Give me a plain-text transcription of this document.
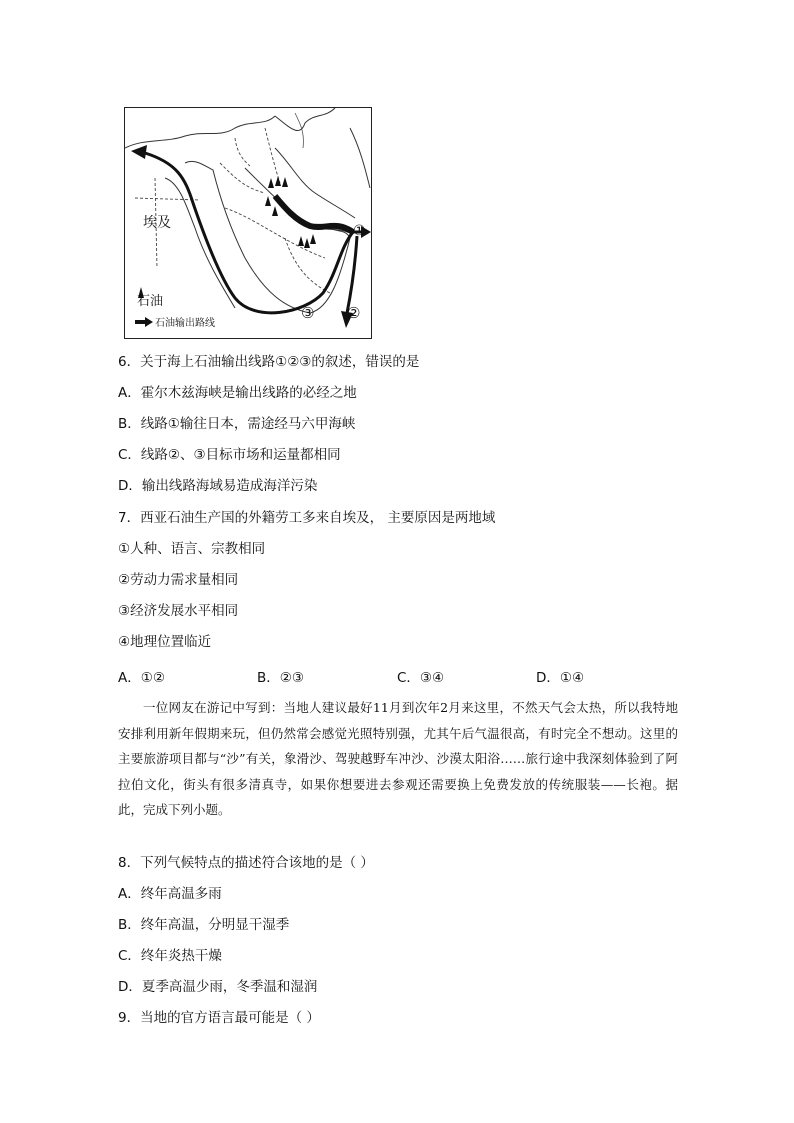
埃及
石油
石油输出路线
①
②
③
6．关于海上石油输出线路①②③的叙述，错误的是
A．霍尔木兹海峡是输出线路的必经之地
B．线路①输往日本，需途经马六甲海峡
C．线路②、③目标市场和运量都相同
D．输出线路海域易造成海洋污染
7．西亚石油生产国的外籍劳工多来自埃及， 主要原因是两地域
①人种、语言、宗教相同
②劳动力需求量相同
③经济发展水平相同
④地理位置临近
A．①②	B．②③	C．③④	D．①④

一位网友在游记中写到：当地人建议最好11月到次年2月来这里，不然天气会太热，所以我特地安排利用新年假期来玩，但仍然常会感觉光照特别强，尤其午后气温很高，有时完全不想动。这里的主要旅游项目都与“沙”有关，象滑沙、驾驶越野车冲沙、沙漠太阳浴……旅行途中我深刻体验到了阿拉伯文化，街头有很多清真寺，如果你想要进去参观还需要换上免费发放的传统服装——长袍。据此，完成下列小题。

8．下列气候特点的描述符合该地的是（ ）
A．终年高温多雨
B．终年高温，分明显干湿季
C．终年炎热干燥
D．夏季高温少雨，冬季温和湿润
9．当地的官方语言最可能是（ ）
